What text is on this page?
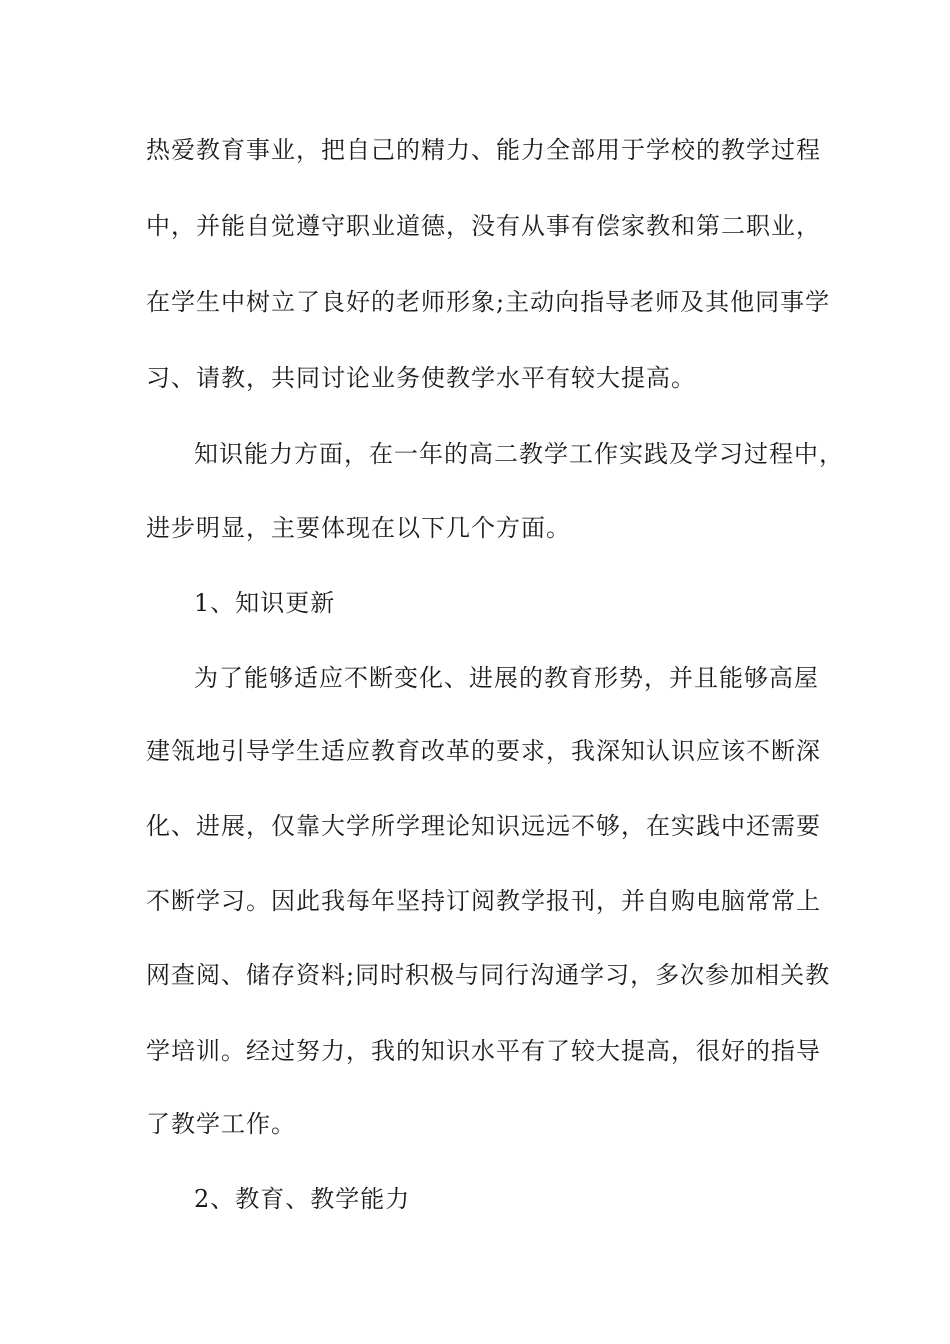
热爱教育事业，把自己的精力、能力全部用于学校的教学过程
中，并能自觉遵守职业道德，没有从事有偿家教和第二职业，
在学生中树立了良好的老师形象;主动向指导老师及其他同事学
习、请教，共同讨论业务使教学水平有较大提高。
知识能力方面，在一年的高二教学工作实践及学习过程中，
进步明显，主要体现在以下几个方面。
1、知识更新
为了能够适应不断变化、进展的教育形势，并且能够高屋
建瓴地引导学生适应教育改革的要求，我深知认识应该不断深
化、进展，仅靠大学所学理论知识远远不够，在实践中还需要
不断学习。因此我每年坚持订阅教学报刊，并自购电脑常常上
网查阅、储存资料;同时积极与同行沟通学习，多次参加相关教
学培训。经过努力，我的知识水平有了较大提高，很好的指导
了教学工作。
2、教育、教学能力
